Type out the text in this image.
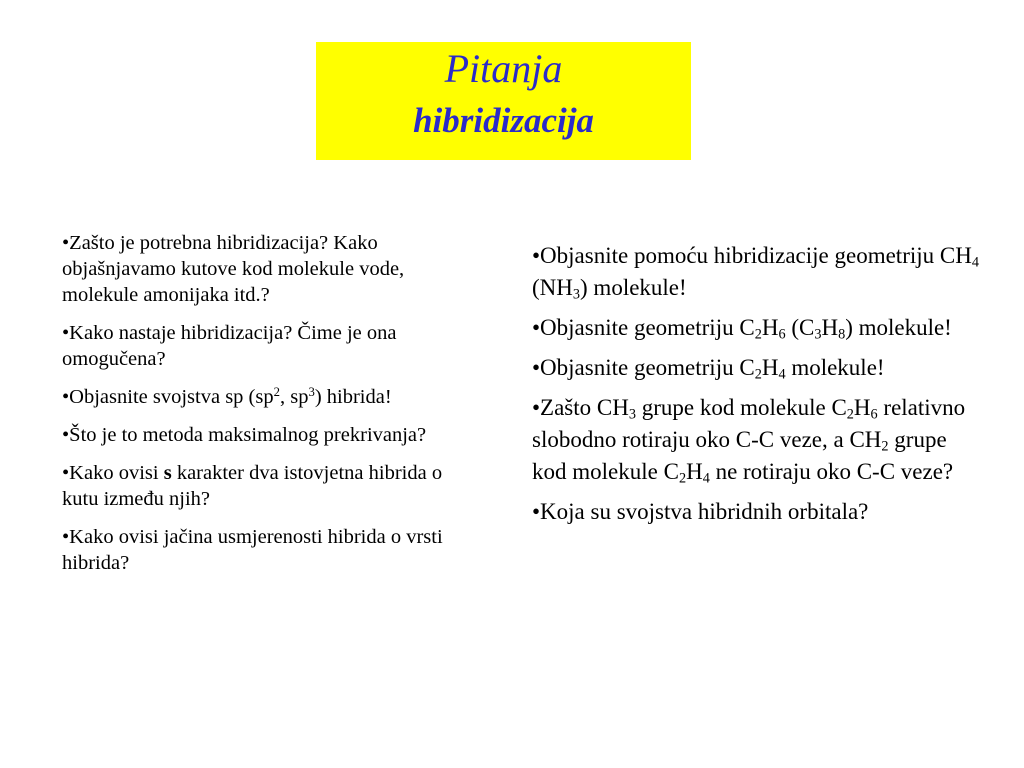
Pitanja
hibridizacija

•Zašto je potrebna hibridizacija? Kako objašnjavamo kutove kod molekule vode, molekule amonijaka itd.?

•Kako nastaje hibridizacija? Čime je ona omogučena?

•Objasnite svojstva sp ($sp^2$, $sp^3$) hibrida!

•Što je to metoda maksimalnog prekrivanja?

•Kako ovisi s karakter dva istovjetna hibrida o kutu između njih?

•Kako ovisi jačina usmjerenosti hibrida o vrsti hibrida?

•Objasnite pomoću hibridizacije geometriju $CH_4$ $(NH_3)$ molekule!

•Objasnite geometriju $C_2H_6$ $(C_3H_8)$ molekule!

•Objasnite geometriju $C_2H_4$ molekule!

•Zašto $CH_3$ grupe kod molekule $C_2H_6$ relativno slobodno rotiraju oko C-C veze, a $CH_2$ grupe kod molekule $C_2H_4$ ne rotiraju oko C-C veze?

•Koja su svojstva hibridnih orbitala?
